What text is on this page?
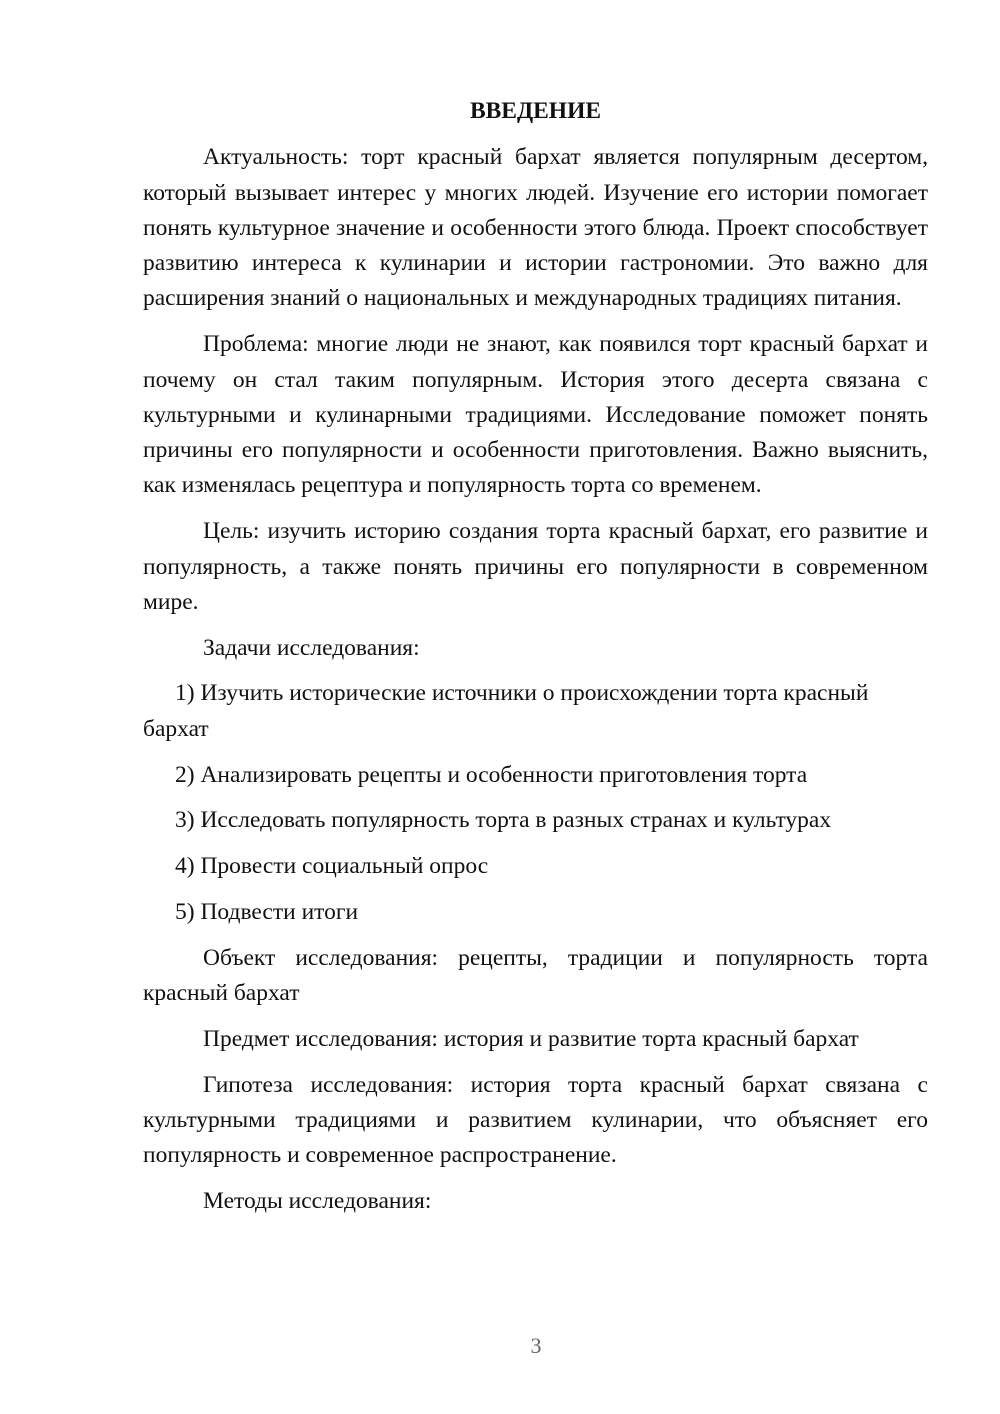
ВВЕДЕНИЕ

Актуальность: торт красный бархат является популярным десертом, который вызывает интерес у многих людей. Изучение его истории помогает понять культурное значение и особенности этого блюда. Проект способствует развитию интереса к кулинарии и истории гастрономии. Это важно для расширения знаний о национальных и международных традициях питания.

Проблема: многие люди не знают, как появился торт красный бархат и почему он стал таким популярным. История этого десерта связана с культурными и кулинарными традициями. Исследование поможет понять причины его популярности и особенности приготовления. Важно выяснить, как изменялась рецептура и популярность торта со временем.

Цель: изучить историю создания торта красный бархат, его развитие и популярность, а также понять причины его популярности в современном мире.

Задачи исследования:

1) Изучить исторические источники о происхождении торта красный бархат

2) Анализировать рецепты и особенности приготовления торта

3) Исследовать популярность торта в разных странах и культурах

4) Провести социальный опрос

5) Подвести итоги

Объект исследования: рецепты, традиции и популярность торта красный бархат

Предмет исследования: история и развитие торта красный бархат

Гипотеза исследования: история торта красный бархат связана с культурными традициями и развитием кулинарии, что объясняет его популярность и современное распространение.

Методы исследования:

3
